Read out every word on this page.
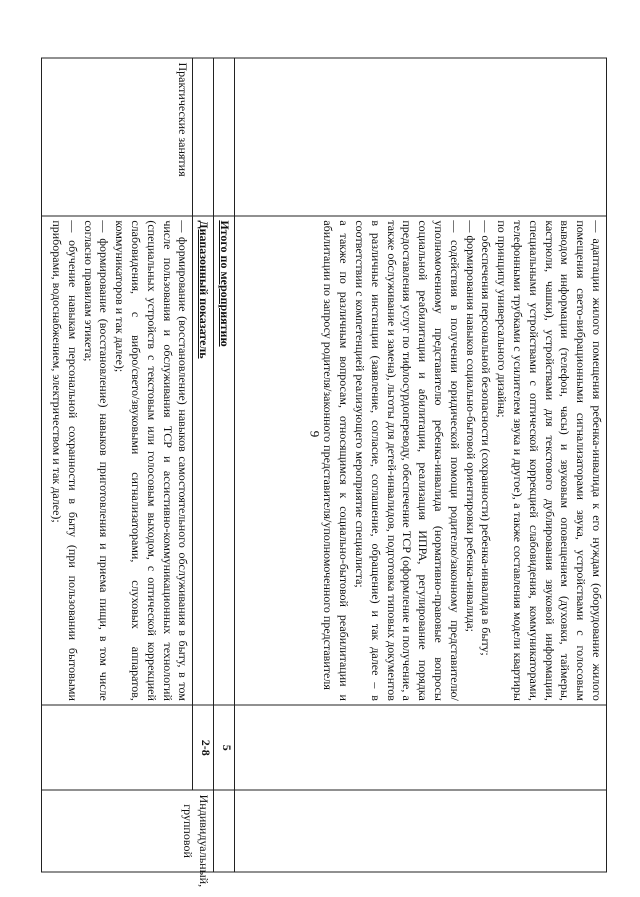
9

	— адаптации жилого помещения ребенка-инвалида к его нуждам (оборудование жилого помещения свето-вибрационными сигнализаторами звука, устройствами с голосовым выводом информации (телефон, часы) и звуковым оповещением (духовки, таймеры, кастрюли, чашки), устройствами для текстового дублирования звуковой информации, специальными устройствами с оптической коррекцией слабовидения, коммуникаторами, телефонными трубками с усилителем звука и другое), а также составления модели квартиры по принципу универсального дизайна;

— обеспечения персональной безопасности (сохранности) ребенка-инвалида в быту;

— формирования навыков социально-бытовой ориентировки ребенка-инвалида;

— содействия в получении юридической помощи родителю/законному представителю/уполномоченному представителю ребенка-инвалида (нормативно-правовые вопросы социальной реабилитации и абилитации, реализация ИПРА, регулирование порядка предоставления услуг по тифлосурдопереводу, обеспечение ТСР (оформление и получение, а также обслуживание и замена), льготы для детей-инвалидов, подготовка типовых документов в различные инстанции (заявление, согласие, соглашение, обращение) и так далее – в соответствии с компетенцией реализующего мероприятие специалиста;

а также по различным вопросам, относящимся к социально-бытовой реабилитации и абилитации по запросу родителя/законного представителя/уполномоченного представителя		

	Итого по мероприятию	5	
	Диапазонный показатель	2-8	Индивидуальный, групповой
Практические занятия	— формирование (восстановление) навыков самостоятельного обслуживания в быту, в том числе пользования и обслуживания ТСР и ассистивно-коммуникационных технологий (специальных устройств с текстовым или голосовым выходом, с оптической коррекцией слабовидения, с вибро/свето/звуковыми сигнализаторами, слуховых аппаратов, коммуникаторов и так далее);

— формирование (восстановление) навыков приготовления и приема пищи, в том числе согласно правилам этикета;

— обучение навыкам персональной сохранности в быту (при пользовании бытовыми приборами, водоснабжением, электричеством и так далее);		
